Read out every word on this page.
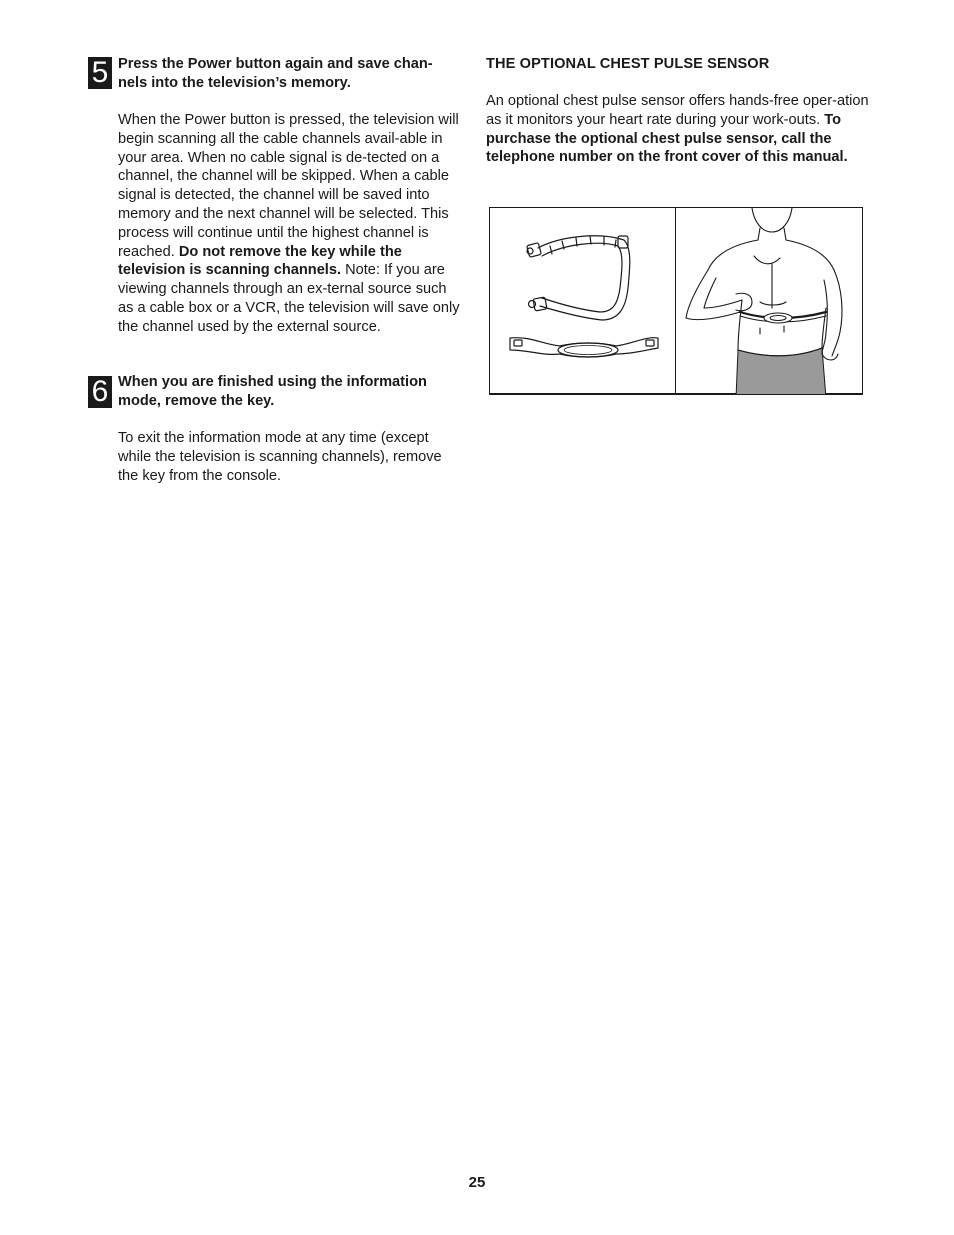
5 Press the Power button again and save chan-
nels into the television’s memory.

When the Power button is pressed, the television will begin scanning all the cable channels avail-able in your area. When no cable signal is de-tected on a channel, the channel will be skipped. When a cable signal is detected, the channel will be saved into memory and the next channel will be selected. This process will continue until the highest channel is reached. Do not remove the key while the television is scanning channels. Note: If you are viewing channels through an ex-ternal source such as a cable box or a VCR, the television will save only the channel used by the external source.

6 When you are finished using the information mode, remove the key.

To exit the information mode at any time (except while the television is scanning channels), remove the key from the console.

THE OPTIONAL CHEST PULSE SENSOR

An optional chest pulse sensor offers hands-free oper-ation as it monitors your heart rate during your work-outs. To purchase the optional chest pulse sensor, call the telephone number on the front cover of this manual.

25
